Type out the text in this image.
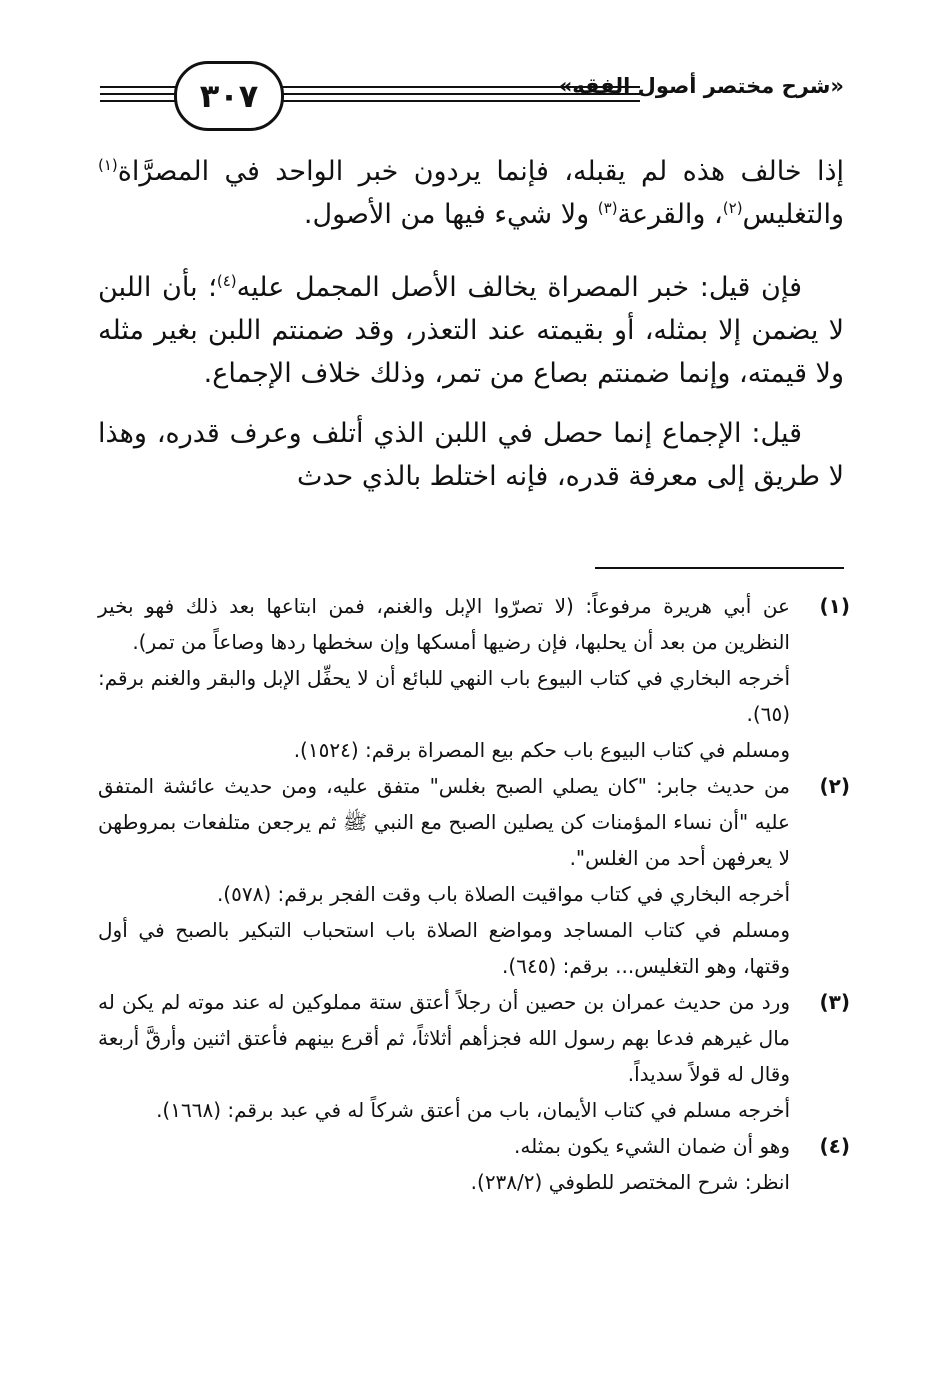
٣٠٧	«شرح مختصر أصول الفقه»

إذا خالف هذه لم يقبله، فإنما يردون خبر الواحد في المصرَّاة$^{(١)}$ والتغليس$^{(٢)}$، والقرعة$^{(٣)}$ ولا شيء فيها من الأصول.

فإن قيل: خبر المصراة يخالف الأصل المجمل عليه$^{(٤)}$؛ بأن اللبن لا يضمن إلا بمثله، أو بقيمته عند التعذر، وقد ضمنتم اللبن بغير مثله ولا قيمته، وإنما ضمنتم بصاع من تمر، وذلك خلاف الإجماع.

قيل: الإجماع إنما حصل في اللبن الذي أتلف وعرف قدره، وهذا لا طريق إلى معرفة قدره، فإنه اختلط بالذي حدث

(١)

عن أبي هريرة مرفوعاً: (لا تصرّوا الإبل والغنم، فمن ابتاعها بعد ذلك فهو بخير النظرين من بعد أن يحلبها، فإن رضيها أمسكها وإن سخطها ردها وصاعاً من تمر).

أخرجه البخاري في كتاب البيوع باب النهي للبائع أن لا يحفِّل الإبل والبقر والغنم برقم: (٦٥).

ومسلم في كتاب البيوع باب حكم بيع المصراة برقم: (١٥٢٤).

(٢)

من حديث جابر: "كان يصلي الصبح بغلس" متفق عليه، ومن حديث عائشة المتفق عليه "أن نساء المؤمنات كن يصلين الصبح مع النبي ﷺ ثم يرجعن متلفعات بمروطهن لا يعرفهن أحد من الغلس".

أخرجه البخاري في كتاب مواقيت الصلاة باب وقت الفجر برقم: (٥٧٨).

ومسلم في كتاب المساجد ومواضع الصلاة باب استحباب التبكير بالصبح في أول وقتها، وهو التغليس... برقم: (٦٤٥).

(٣)

ورد من حديث عمران بن حصين أن رجلاً أعتق ستة مملوكين له عند موته لم يكن له مال غيرهم فدعا بهم رسول الله فجزأهم أثلاثاً، ثم أقرع بينهم فأعتق اثنين وأرقَّ أربعة وقال له قولاً سديداً.

أخرجه مسلم في كتاب الأيمان، باب من أعتق شركاً له في عبد برقم: (١٦٦٨).

(٤)

وهو أن ضمان الشيء يكون بمثله.

انظر: شرح المختصر للطوفي (٢٣٨/٢).
